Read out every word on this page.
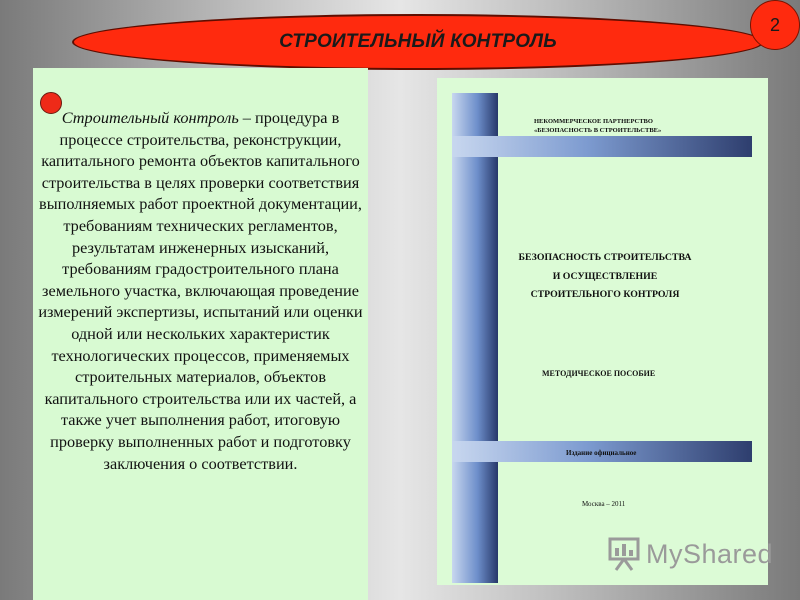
СТРОИТЕЛЬНЫЙ КОНТРОЛЬ
2
Строительный контроль – процедура в процессе строительства, реконструкции, капитального ремонта объектов капитального строительства в целях проверки соответствия выполняемых работ проектной документации, требованиям технических регламентов, результатам инженерных изысканий, требованиям градостроительного плана земельного участка, включающая проведение измерений экспертизы, испытаний или оценки одной или нескольких характеристик технологических процессов, применяемых строительных материалов, объектов капитального строительства или их частей, а также учет выполнения работ, итоговую проверку выполненных работ и подготовку заключения о соответствии.
НЕКОММЕРЧЕСКОЕ ПАРТНЕРСТВО
«БЕЗОПАСНОСТЬ В СТРОИТЕЛЬСТВЕ»
БЕЗОПАСНОСТЬ СТРОИТЕЛЬСТВА
И ОСУЩЕСТВЛЕНИЕ
СТРОИТЕЛЬНОГО КОНТРОЛЯ
МЕТОДИЧЕСКОЕ ПОСОБИЕ
Издание официальное
Москва – 2011
MyShared
